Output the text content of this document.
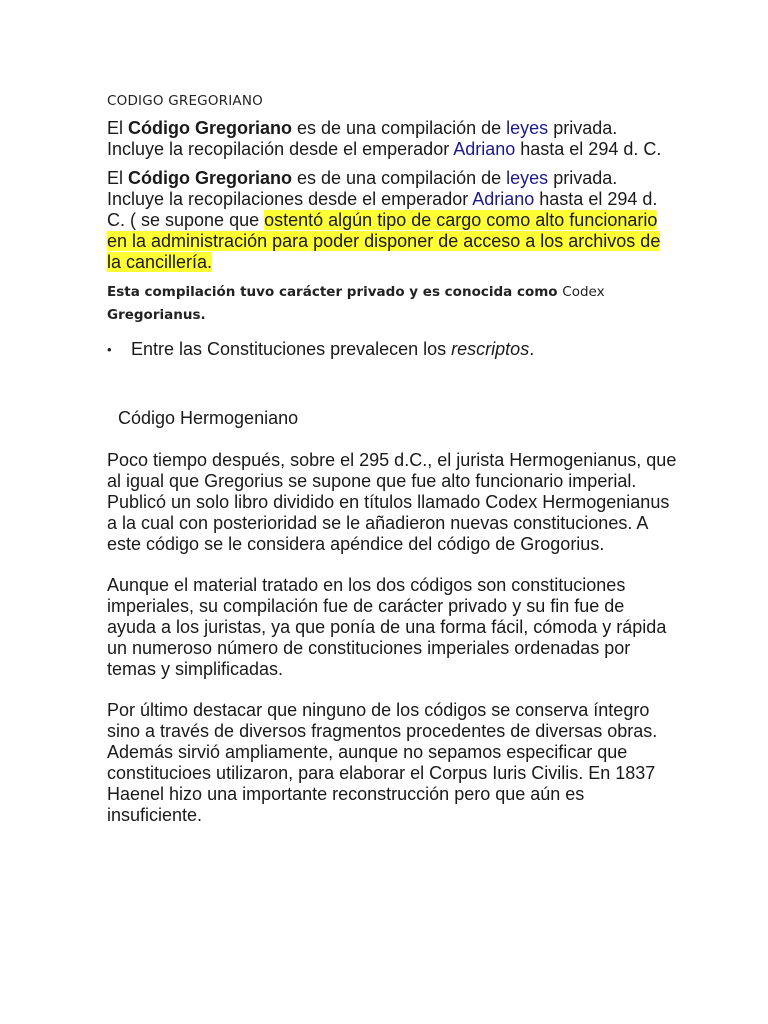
CODIGO GREGORIANO

El Código Gregoriano es de una compilación de leyes privada. Incluye la recopilación desde el emperador Adriano hasta el 294 d. C.

El Código Gregoriano es de una compilación de leyes privada. Incluye la recopilaciones desde el emperador Adriano hasta el 294 d. C. ( se supone que ostentó algún tipo de cargo como alto funcionario en la administración para poder disponer de acceso a los archivos de la cancillería.

Esta compilación tuvo carácter privado y es conocida como Codex Gregorianus.

• Entre las Constituciones prevalecen los rescriptos.

Código Hermogeniano

Poco tiempo después, sobre el 295 d.C., el jurista Hermogenianus, que al igual que Gregorius se supone que fue alto funcionario imperial. Publicó un solo libro dividido en títulos llamado Codex Hermogenianus a la cual con posterioridad se le añadieron nuevas constituciones. A este código se le considera apéndice del código de Grogorius.

Aunque el material tratado en los dos códigos son constituciones imperiales, su compilación fue de carácter privado y su fin fue de ayuda a los juristas, ya que ponía de una forma fácil, cómoda y rápida un numeroso número de constituciones imperiales ordenadas por temas y simplificadas.

Por último destacar que ninguno de los códigos se conserva íntegro sino a través de diversos fragmentos procedentes de diversas obras. Además sirvió ampliamente, aunque no sepamos especificar que constitucioes utilizaron, para elaborar el Corpus Iuris Civilis. En 1837 Haenel hizo una importante reconstrucción pero que aún es insuficiente.
